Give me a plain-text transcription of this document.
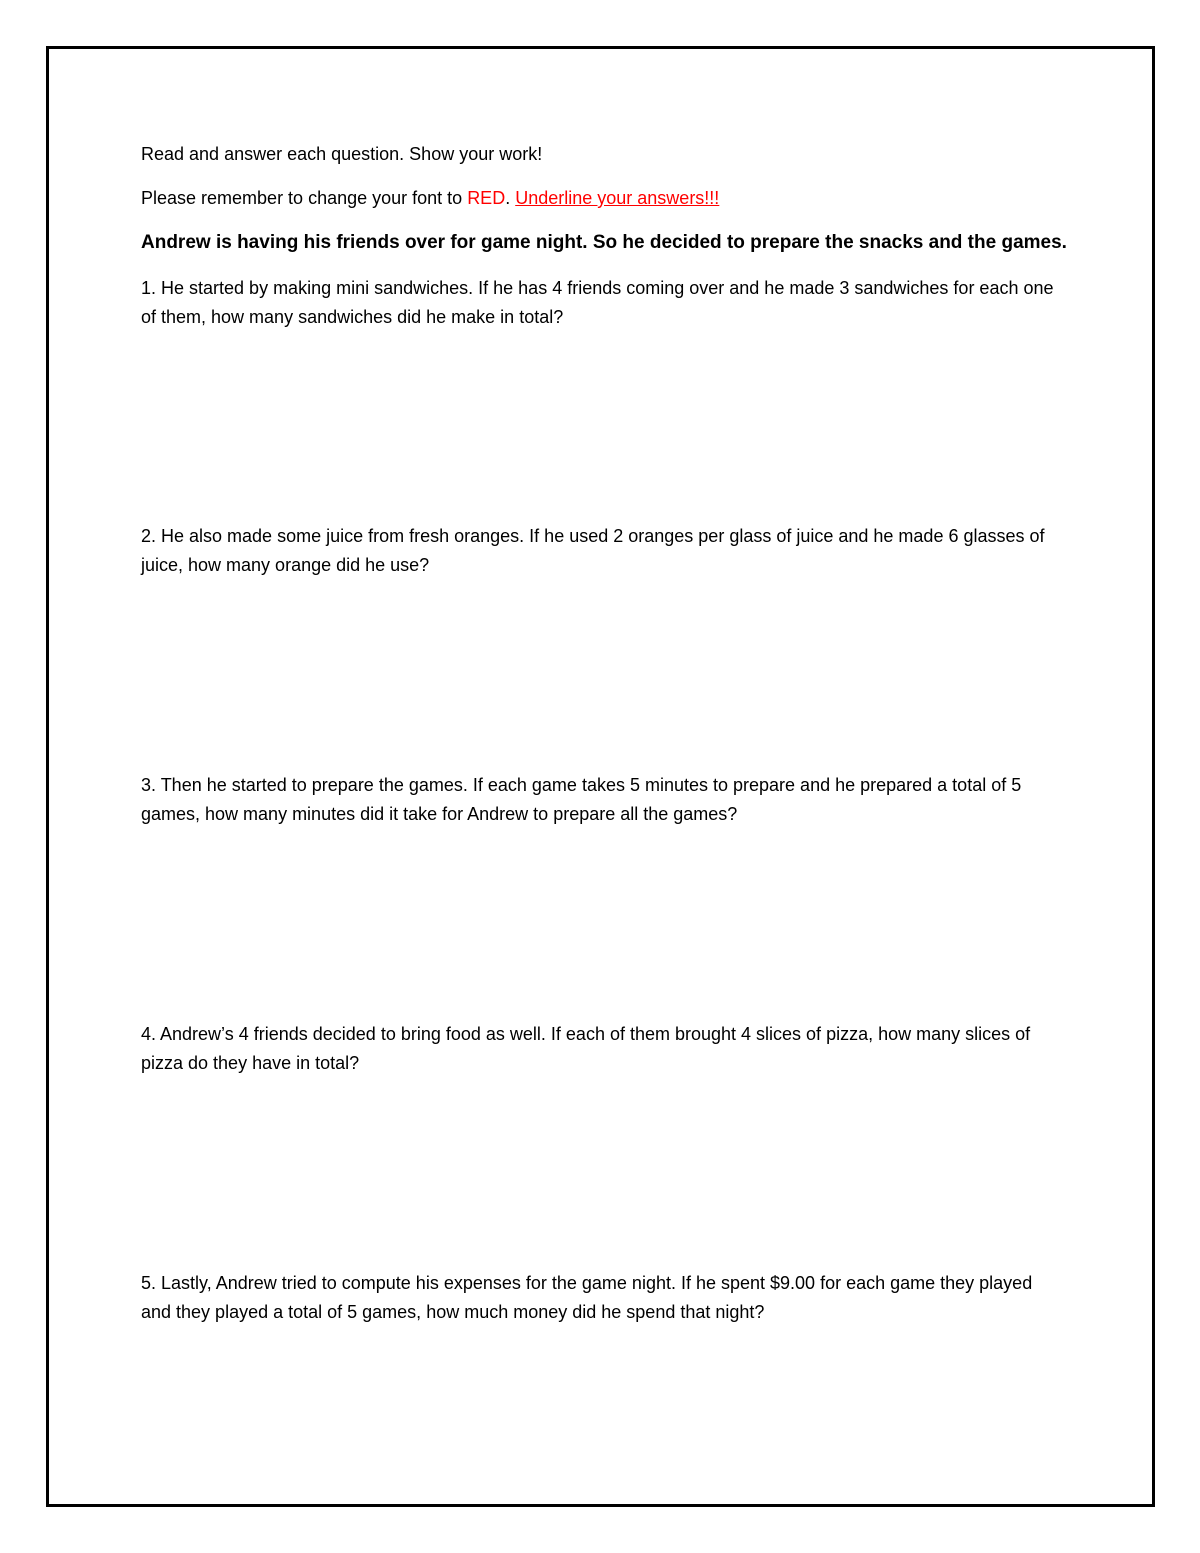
Read and answer each question. Show your work!

Please remember to change your font to RED. Underline your answers!!!

Andrew is having his friends over for game night. So he decided to prepare the snacks and the games.

1. He started by making mini sandwiches. If he has 4 friends coming over and he made 3 sandwiches for each one of them, how many sandwiches did he make in total?

2. He also made some juice from fresh oranges. If he used 2 oranges per glass of juice and he made 6 glasses of juice, how many orange did he use?

3. Then he started to prepare the games. If each game takes 5 minutes to prepare and he prepared a total of 5 games, how many minutes did it take for Andrew to prepare all the games?

4. Andrew’s 4 friends decided to bring food as well. If each of them brought 4 slices of pizza, how many slices of pizza do they have in total?

5. Lastly, Andrew tried to compute his expenses for the game night. If he spent $9.00 for each game they played and they played a total of 5 games, how much money did he spend that night?
